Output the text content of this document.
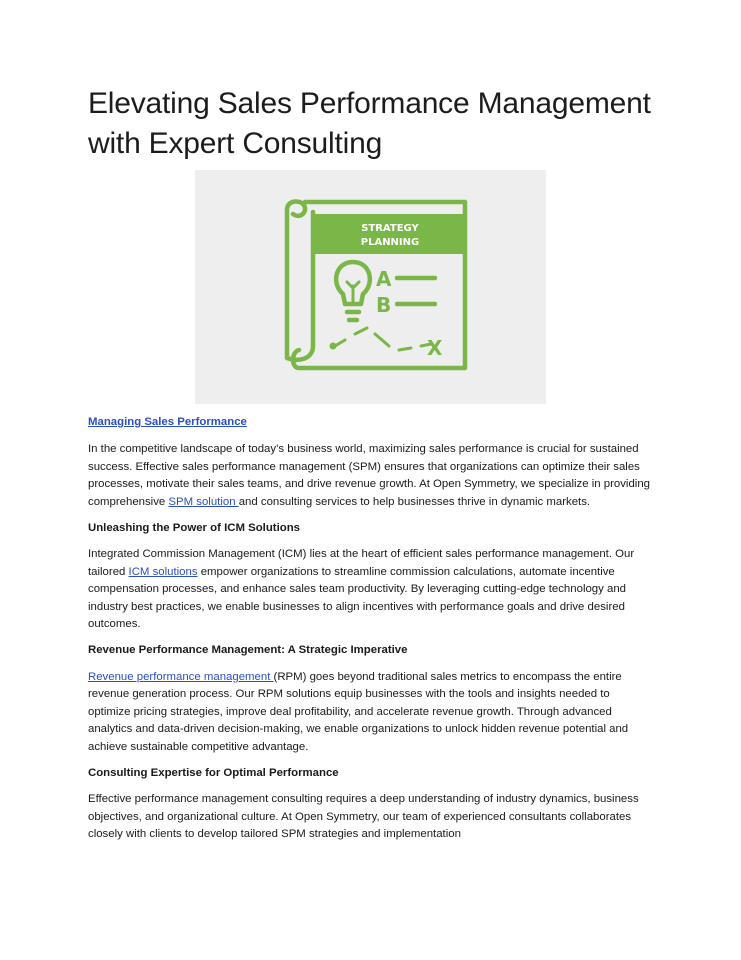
Elevating Sales Performance Management with Expert Consulting
STRATEGY
PLANNING
A
B
X

Managing Sales Performance

In the competitive landscape of today’s business world, maximizing sales performance is crucial for sustained success. Effective sales performance management (SPM) ensures that organizations can optimize their sales processes, motivate their sales teams, and drive revenue growth. At Open Symmetry, we specialize in providing comprehensive SPM solution and consulting services to help businesses thrive in dynamic markets.

Unleashing the Power of ICM Solutions

Integrated Commission Management (ICM) lies at the heart of efficient sales performance management. Our tailored ICM solutions empower organizations to streamline commission calculations, automate incentive compensation processes, and enhance sales team productivity. By leveraging cutting-edge technology and industry best practices, we enable businesses to align incentives with performance goals and drive desired outcomes.

Revenue Performance Management: A Strategic Imperative

Revenue performance management (RPM) goes beyond traditional sales metrics to encompass the entire revenue generation process. Our RPM solutions equip businesses with the tools and insights needed to optimize pricing strategies, improve deal profitability, and accelerate revenue growth. Through advanced analytics and data-driven decision-making, we enable organizations to unlock hidden revenue potential and achieve sustainable competitive advantage.

Consulting Expertise for Optimal Performance

Effective performance management consulting requires a deep understanding of industry dynamics, business objectives, and organizational culture. At Open Symmetry, our team of experienced consultants collaborates closely with clients to develop tailored SPM strategies and implementation
